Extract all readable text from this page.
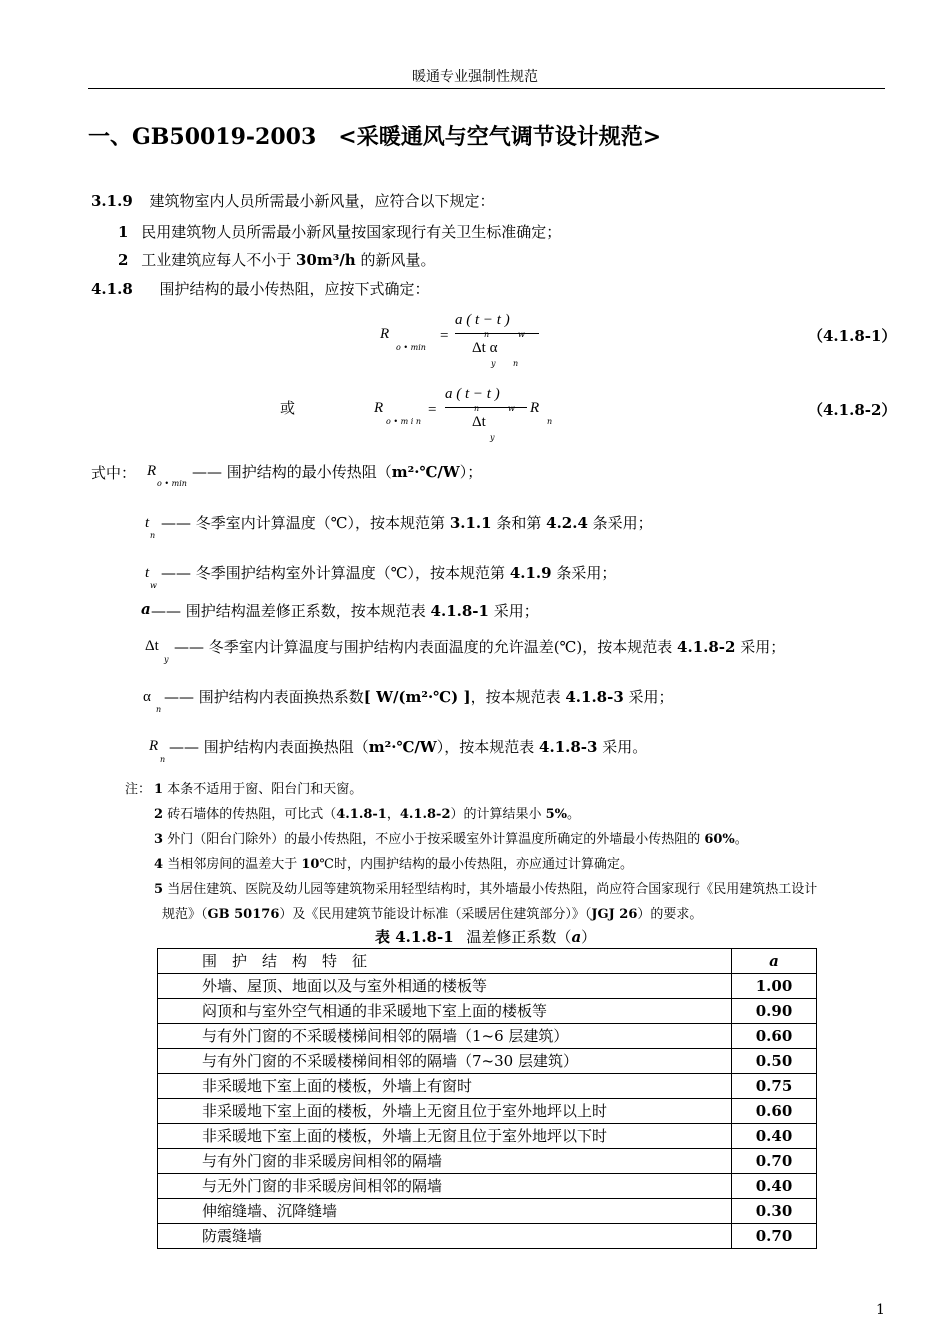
暖通专业强制性规范
一、GB50019-2003　<采暖通风与空气调节设计规范>
3.1.9 建筑物室内人员所需最小新风量，应符合以下规定：
1 民用建筑物人员所需最小新风量按国家现行有关卫生标准确定；
2 工业建筑应每人不小于 30m³/h 的新风量。
4.1.8 围护结构的最小传热阻，应按下式确定：
R
o • min
=
a ( t − t )
n	w
Δt α
y n
（4.1.8-1）
或	R
o • m i n
=
a ( t − t )
n	w
Δt
y
R
n
（4.1.8-2）
式中： R
o • min
—— 围护结构的最小传热阻（m²·℃/W）；
t
n
—— 冬季室内计算温度（℃），按本规范第 3.1.1 条和第 4.2.4 条采用；
t
w
—— 冬季围护结构室外计算温度（℃），按本规范第 4.1.9 条采用；
a —— 围护结构温差修正系数，按本规范表 4.1.8-1 采用；
Δt
y
—— 冬季室内计算温度与围护结构内表面温度的允许温差(℃)，按本规范表 4.1.8-2 采用；
α
n
—— 围护结构内表面换热系数[ W/(m²·℃) ]，按本规范表 4.1.8-3 采用；
R
n
—— 围护结构内表面换热阻（m²·℃/W），按本规范表 4.1.8-3 采用。
注： 1 本条不适用于窗、阳台门和天窗。
2 砖石墙体的传热阻，可比式（4.1.8-1，4.1.8-2）的计算结果小 5%。
3 外门（阳台门除外）的最小传热阻，不应小于按采暖室外计算温度所确定的外墙最小传热阻的 60%。
4 当相邻房间的温差大于 10℃时，内围护结构的最小传热阻，亦应通过计算确定。
5 当居住建筑、医院及幼儿园等建筑物采用轻型结构时，其外墙最小传热阻，尚应符合国家现行《民用建筑热工设计
规范》（GB 50176）及《民用建筑节能设计标准（采暖居住建筑部分）》（JGJ 26）的要求。
表 4.1.8-1 温差修正系数（a）
围　护　结　构　特　征	a
外墙、屋顶、地面以及与室外相通的楼板等	1.00
闷顶和与室外空气相通的非采暖地下室上面的楼板等	0.90
与有外门窗的不采暖楼梯间相邻的隔墙（1~6 层建筑）	0.60
与有外门窗的不采暖楼梯间相邻的隔墙（7~30 层建筑）	0.50
非采暖地下室上面的楼板，外墙上有窗时	0.75
非采暖地下室上面的楼板，外墙上无窗且位于室外地坪以上时	0.60
非采暖地下室上面的楼板，外墙上无窗且位于室外地坪以下时	0.40
与有外门窗的非采暖房间相邻的隔墙	0.70
与无外门窗的非采暖房间相邻的隔墙	0.40
伸缩缝墙、沉降缝墙	0.30
防震缝墙	0.70
1
